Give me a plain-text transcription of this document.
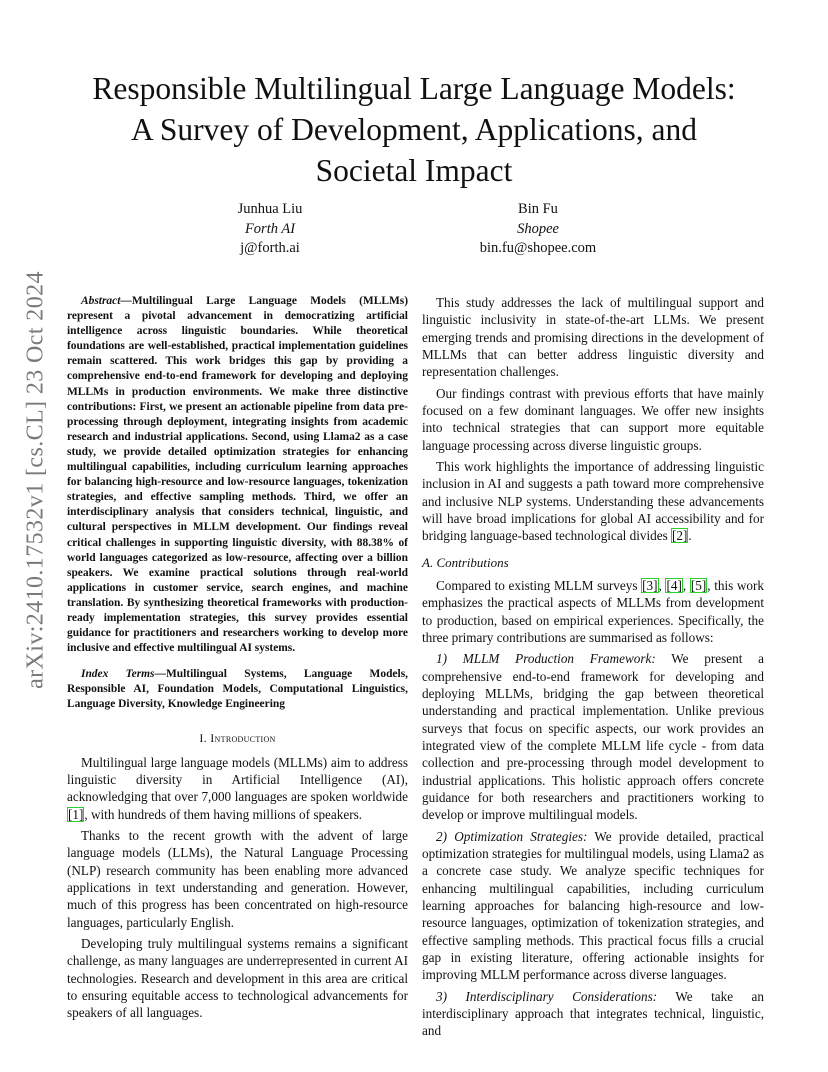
arXiv:2410.17532v1 [cs.CL] 23 Oct 2024
Responsible Multilingual Large Language Models:
A Survey of Development, Applications, and
Societal Impact
Junhua Liu
Forth AI
j@forth.ai
Bin Fu
Shopee
bin.fu@shopee.com

Abstract—Multilingual Large Language Models (MLLMs) represent a pivotal advancement in democratizing artificial intelligence across linguistic boundaries. While theoretical foundations are well-established, practical implementation guidelines remain scattered. This work bridges this gap by providing a comprehensive end-to-end framework for developing and deploying MLLMs in production environments. We make three distinctive contributions: First, we present an actionable pipeline from data pre-processing through deployment, integrating insights from academic research and industrial applications. Second, using Llama2 as a case study, we provide detailed optimization strategies for enhancing multilingual capabilities, including curriculum learning approaches for balancing high-resource and low-resource languages, tokenization strategies, and effective sampling methods. Third, we offer an interdisciplinary analysis that considers technical, linguistic, and cultural perspectives in MLLM development. Our findings reveal critical challenges in supporting linguistic diversity, with 88.38% of world languages categorized as low-resource, affecting over a billion speakers. We examine practical solutions through real-world applications in customer service, search engines, and machine translation. By synthesizing theoretical frameworks with production-ready implementation strategies, this survey provides essential guidance for practitioners and researchers working to develop more inclusive and effective multilingual AI systems.

Index Terms—Multilingual Systems, Language Models, Responsible AI, Foundation Models, Computational Linguistics, Language Diversity, Knowledge Engineering

I. Introduction

Multilingual large language models (MLLMs) aim to address linguistic diversity in Artificial Intelligence (AI), acknowledging that over 7,000 languages are spoken worldwide [1], with hundreds of them having millions of speakers.

Thanks to the recent growth with the advent of large language models (LLMs), the Natural Language Processing (NLP) research community has been enabling more advanced applications in text understanding and generation. However, much of this progress has been concentrated on high-resource languages, particularly English.

Developing truly multilingual systems remains a significant challenge, as many languages are underrepresented in current AI technologies. Research and development in this area are critical to ensuring equitable access to technological advancements for speakers of all languages.

This study addresses the lack of multilingual support and linguistic inclusivity in state-of-the-art LLMs. We present emerging trends and promising directions in the development of MLLMs that can better address linguistic diversity and representation challenges.

Our findings contrast with previous efforts that have mainly focused on a few dominant languages. We offer new insights into technical strategies that can support more equitable language processing across diverse linguistic groups.

This work highlights the importance of addressing linguistic inclusion in AI and suggests a path toward more comprehensive and inclusive NLP systems. Understanding these advancements will have broad implications for global AI accessibility and for bridging language-based technological divides [2].

A. Contributions

Compared to existing MLLM surveys [3], [4], [5], this work emphasizes the practical aspects of MLLMs from development to production, based on empirical experiences. Specifically, the three primary contributions are summarised as follows:

1) MLLM Production Framework: We present a comprehensive end-to-end framework for developing and deploying MLLMs, bridging the gap between theoretical understanding and practical implementation. Unlike previous surveys that focus on specific aspects, our work provides an integrated view of the complete MLLM life cycle - from data collection and pre-processing through model development to industrial applications. This holistic approach offers concrete guidance for both researchers and practitioners working to develop or improve multilingual models.

2) Optimization Strategies: We provide detailed, practical optimization strategies for multilingual models, using Llama2 as a concrete case study. We analyze specific techniques for enhancing multilingual capabilities, including curriculum learning approaches for balancing high-resource and low-resource languages, optimization of tokenization strategies, and effective sampling methods. This practical focus fills a crucial gap in existing literature, offering actionable insights for improving MLLM performance across diverse languages.

3) Interdisciplinary Considerations: We take an interdisciplinary approach that integrates technical, linguistic, and
